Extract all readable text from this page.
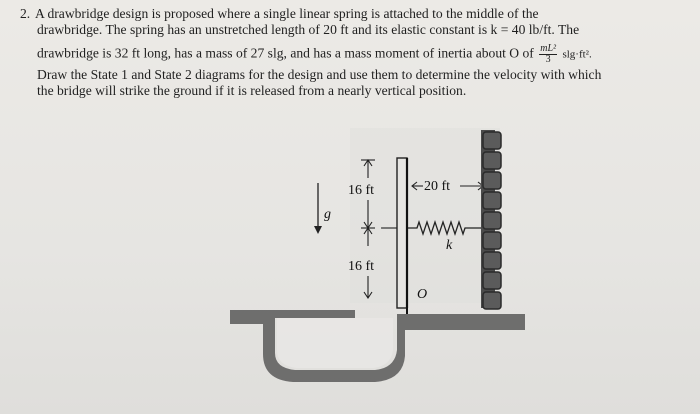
2. A drawbridge design is proposed where a single linear spring is attached to the middle of the
drawbridge. The spring has an unstretched length of 20 ft and its elastic constant is k = 40 lb/ft. The
drawbridge is 32 ft long, has a mass of 27 slg, and has a mass moment of inertia about O of $\frac{\text{mL²}}{3} slg\cdot ft^2$.
Draw the State 1 and State 2 diagrams for the design and use them to determine the velocity with which
the bridge will strike the ground if it is released from a nearly vertical position.
g
16 ft
16 ft
20 ft
k
O
